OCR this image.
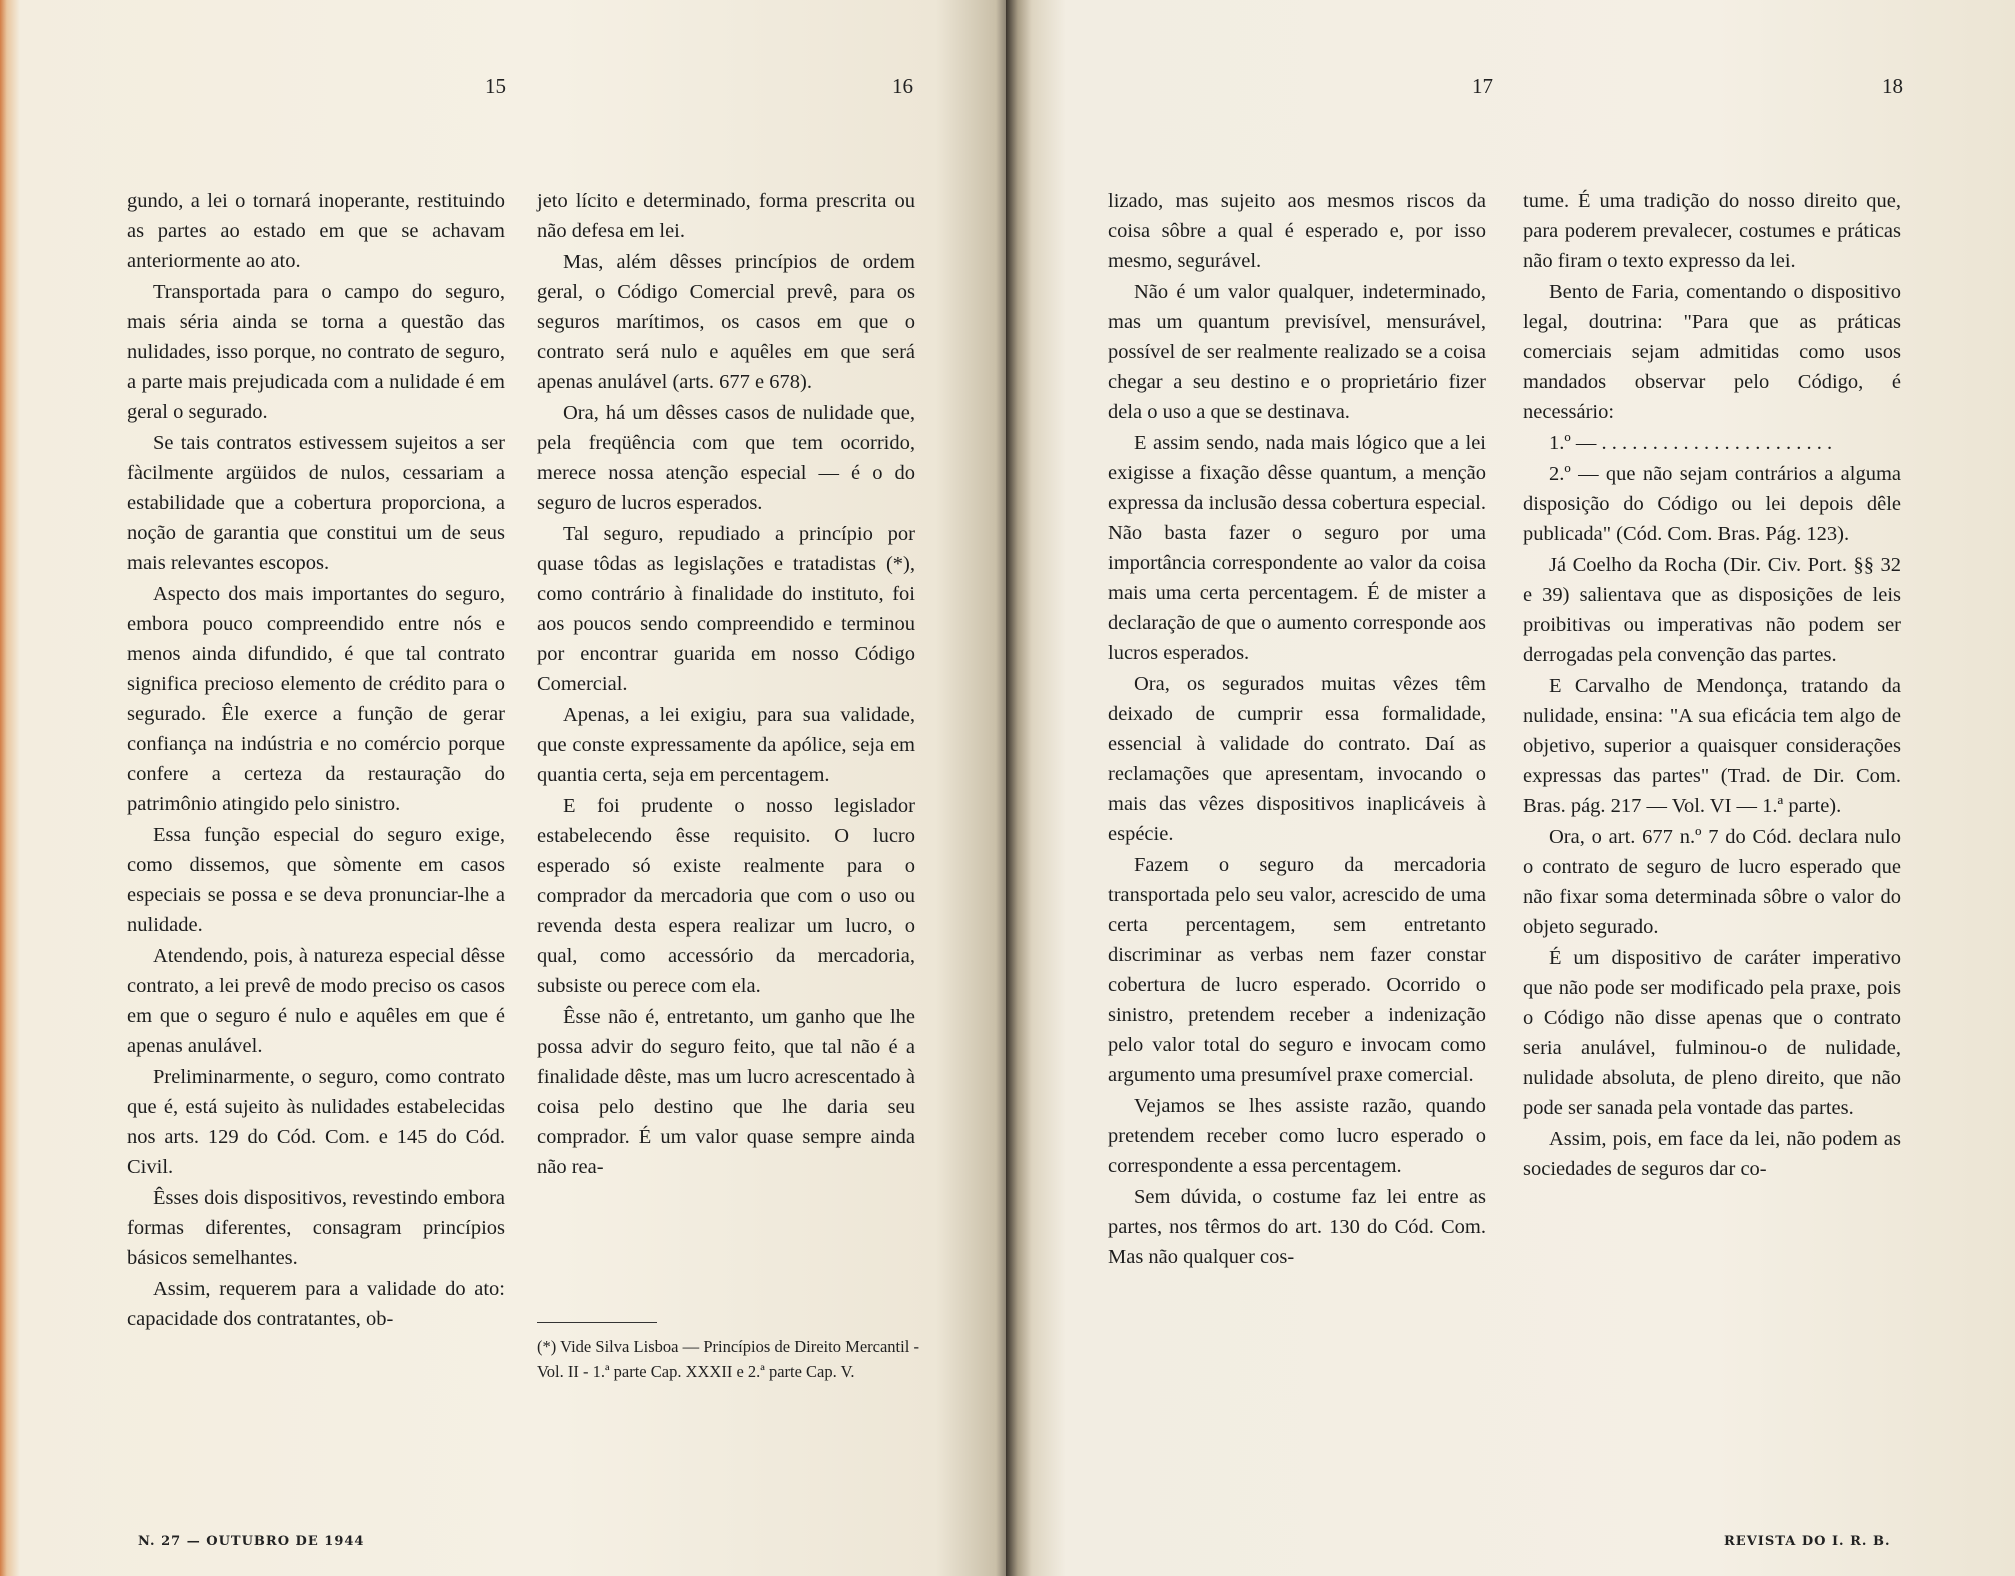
15	16

gundo, a lei o tornará inoperante, restituindo as partes ao estado em que se achavam anteriormente ao ato.

Transportada para o campo do seguro, mais séria ainda se torna a questão das nulidades, isso porque, no contrato de seguro, a parte mais prejudicada com a nulidade é em geral o segurado.

Se tais contratos estivessem sujeitos a ser fàcilmente argüidos de nulos, cessariam a estabilidade que a cobertura proporciona, a noção de garantia que constitui um de seus mais relevantes escopos.

Aspecto dos mais importantes do seguro, embora pouco compreendido entre nós e menos ainda difundido, é que tal contrato significa precioso elemento de crédito para o segurado. Êle exerce a função de gerar confiança na indústria e no comércio porque confere a certeza da restauração do patrimônio atingido pelo sinistro.

Essa função especial do seguro exige, como dissemos, que sòmente em casos especiais se possa e se deva pronunciar-lhe a nulidade.

Atendendo, pois, à natureza especial dêsse contrato, a lei prevê de modo preciso os casos em que o seguro é nulo e aquêles em que é apenas anulável.

Preliminarmente, o seguro, como contrato que é, está sujeito às nulidades estabelecidas nos arts. 129 do Cód. Com. e 145 do Cód. Civil.

Êsses dois dispositivos, revestindo embora formas diferentes, consagram princípios básicos semelhantes.

Assim, requerem para a validade do ato: capacidade dos contratantes, ob-

jeto lícito e determinado, forma prescrita ou não defesa em lei.

Mas, além dêsses princípios de ordem geral, o Código Comercial prevê, para os seguros marítimos, os casos em que o contrato será nulo e aquêles em que será apenas anulável (arts. 677 e 678).

Ora, há um dêsses casos de nulidade que, pela freqüência com que tem ocorrido, merece nossa atenção especial — é o do seguro de lucros esperados.

Tal seguro, repudiado a princípio por quase tôdas as legislações e tratadistas (*), como contrário à finalidade do instituto, foi aos poucos sendo compreendido e terminou por encontrar guarida em nosso Código Comercial.

Apenas, a lei exigiu, para sua validade, que conste expressamente da apólice, seja em quantia certa, seja em percentagem.

E foi prudente o nosso legislador estabelecendo êsse requisito. O lucro esperado só existe realmente para o comprador da mercadoria que com o uso ou revenda desta espera realizar um lucro, o qual, como accessório da mercadoria, subsiste ou perece com ela.

Êsse não é, entretanto, um ganho que lhe possa advir do seguro feito, que tal não é a finalidade dêste, mas um lucro acrescentado à coisa pelo destino que lhe daria seu comprador. É um valor quase sempre ainda não rea-

(*) Vide Silva Lisboa — Princípios de Direito Mercantil - Vol. II - 1.ª parte Cap. XXXII e 2.ª parte Cap. V.
N. 27 — OUTUBRO DE 1944
17	18

lizado, mas sujeito aos mesmos riscos da coisa sôbre a qual é esperado e, por isso mesmo, segurável.

Não é um valor qualquer, indeterminado, mas um quantum previsível, mensurável, possível de ser realmente realizado se a coisa chegar a seu destino e o proprietário fizer dela o uso a que se destinava.

E assim sendo, nada mais lógico que a lei exigisse a fixação dêsse quantum, a menção expressa da inclusão dessa cobertura especial. Não basta fazer o seguro por uma importância correspondente ao valor da coisa mais uma certa percentagem. É de mister a declaração de que o aumento corresponde aos lucros esperados.

Ora, os segurados muitas vêzes têm deixado de cumprir essa formalidade, essencial à validade do contrato. Daí as reclamações que apresentam, invocando o mais das vêzes dispositivos inaplicáveis à espécie.

Fazem o seguro da mercadoria transportada pelo seu valor, acrescido de uma certa percentagem, sem entretanto discriminar as verbas nem fazer constar cobertura de lucro esperado. Ocorrido o sinistro, pretendem receber a indenização pelo valor total do seguro e invocam como argumento uma presumível praxe comercial.

Vejamos se lhes assiste razão, quando pretendem receber como lucro esperado o correspondente a essa percentagem.

Sem dúvida, o costume faz lei entre as partes, nos têrmos do art. 130 do Cód. Com. Mas não qualquer cos-

tume. É uma tradição do nosso direito que, para poderem prevalecer, costumes e práticas não firam o texto expresso da lei.

Bento de Faria, comentando o dispositivo legal, doutrina: "Para que as práticas comerciais sejam admitidas como usos mandados observar pelo Código, é necessário:

1.º — . . . . . . . . . . . . . . . . . . . . . . .

2.º — que não sejam contrários a alguma disposição do Código ou lei depois dêle publicada" (Cód. Com. Bras. Pág. 123).

Já Coelho da Rocha (Dir. Civ. Port. §§ 32 e 39) salientava que as disposições de leis proibitivas ou imperativas não podem ser derrogadas pela convenção das partes.

E Carvalho de Mendonça, tratando da nulidade, ensina: "A sua eficácia tem algo de objetivo, superior a quaisquer considerações expressas das partes" (Trad. de Dir. Com. Bras. pág. 217 — Vol. VI — 1.ª parte).

Ora, o art. 677 n.º 7 do Cód. declara nulo o contrato de seguro de lucro esperado que não fixar soma determinada sôbre o valor do objeto segurado.

É um dispositivo de caráter imperativo que não pode ser modificado pela praxe, pois o Código não disse apenas que o contrato seria anulável, fulminou-o de nulidade, nulidade absoluta, de pleno direito, que não pode ser sanada pela vontade das partes.

Assim, pois, em face da lei, não podem as sociedades de seguros dar co-

REVISTA DO I. R. B.
